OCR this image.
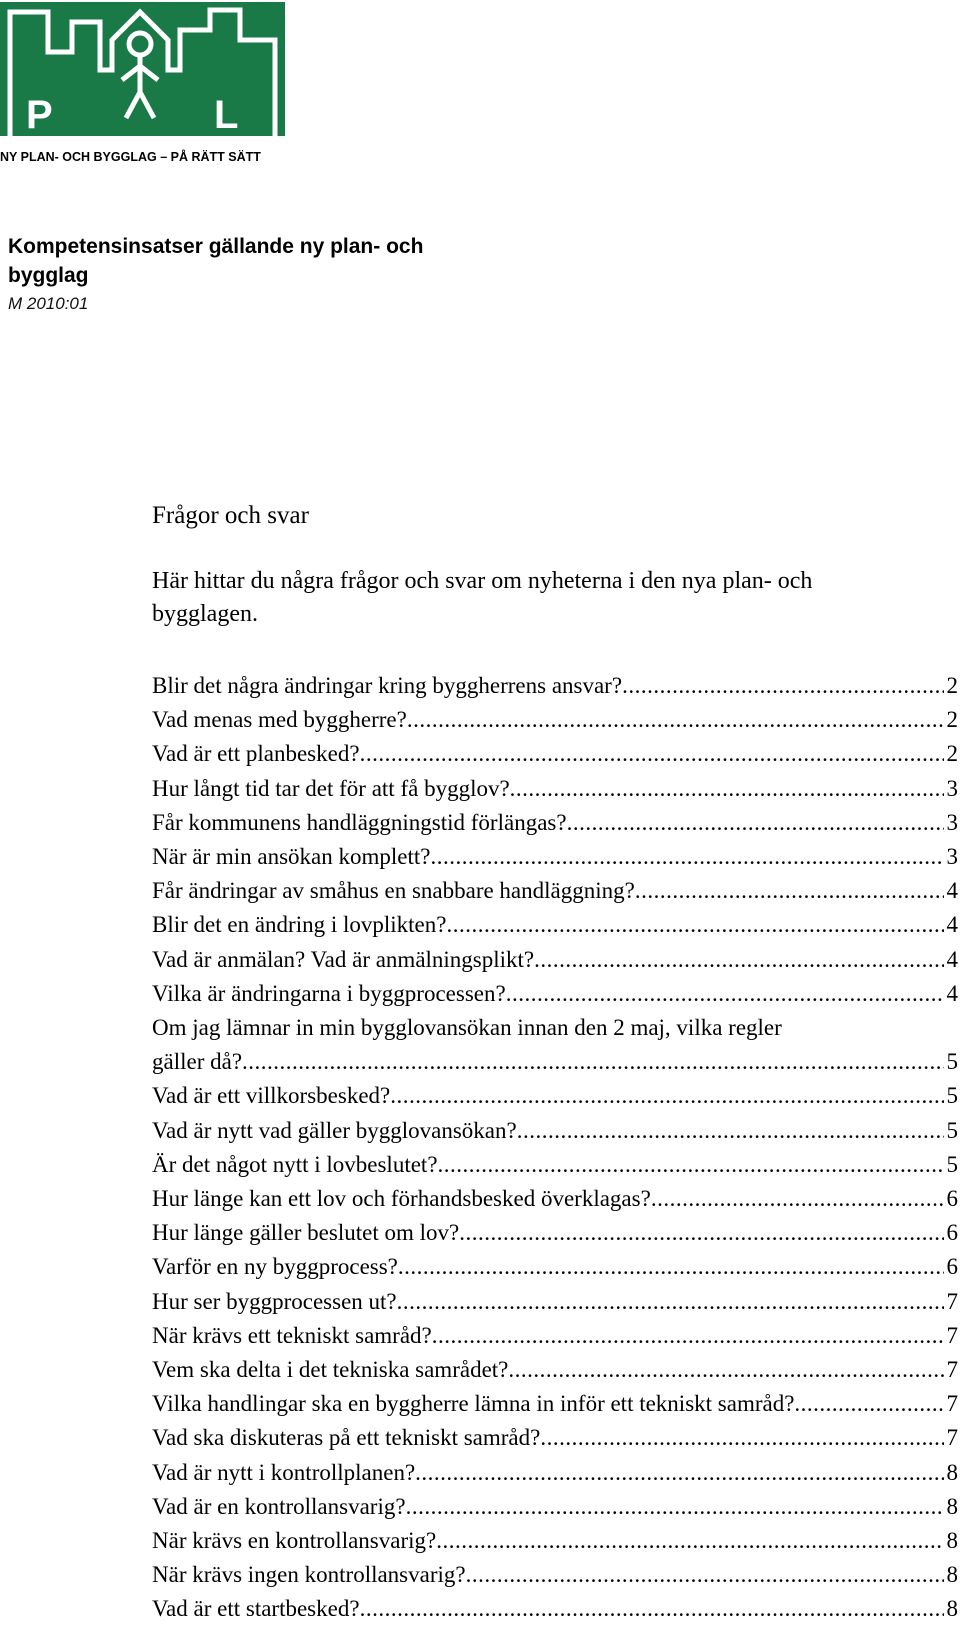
P	L
NY PLAN- OCH BYGGLAG – PÅ RÄTT SÄTT
Kompetensinsatser gällande ny plan- och bygglag
M 2010:01
Frågor och svar

Här hittar du några frågor och svar om nyheterna i den nya plan- och bygglagen.

Blir det några ändringar kring byggherrens ansvar? .....	2
Vad menas med byggherre? .....	2
Vad är ett planbesked? .....	2
Hur långt tid tar det för att få bygglov? .....	3
Får kommunens handläggningstid förlängas? .....	3
När är min ansökan komplett? .....	3
Får ändringar av småhus en snabbare handläggning? .....	4
Blir det en ändring i lovplikten? .....	4
Vad är anmälan? Vad är anmälningsplikt? .....	4
Vilka är ändringarna i byggprocessen? .....	4
Om jag lämnar in min bygglovansökan innan den 2 maj, vilka regler
gäller då? .....	5
Vad är ett villkorsbesked? .....	5
Vad är nytt vad gäller bygglovansökan? .....	5
Är det något nytt i lovbeslutet? .....	5
Hur länge kan ett lov och förhandsbesked överklagas? .....	6
Hur länge gäller beslutet om lov? .....	6
Varför en ny byggprocess? .....	6
Hur ser byggprocessen ut? .....	7
När krävs ett tekniskt samråd? .....	7
Vem ska delta i det tekniska samrådet? .....	7
Vilka handlingar ska en byggherre lämna in inför ett tekniskt samråd? .....	7
Vad ska diskuteras på ett tekniskt samråd? .....	7
Vad är nytt i kontrollplanen? .....	8
Vad är en kontrollansvarig? .....	8
När krävs en kontrollansvarig? .....	8
När krävs ingen kontrollansvarig? .....	8
Vad är ett startbesked? .....	8
